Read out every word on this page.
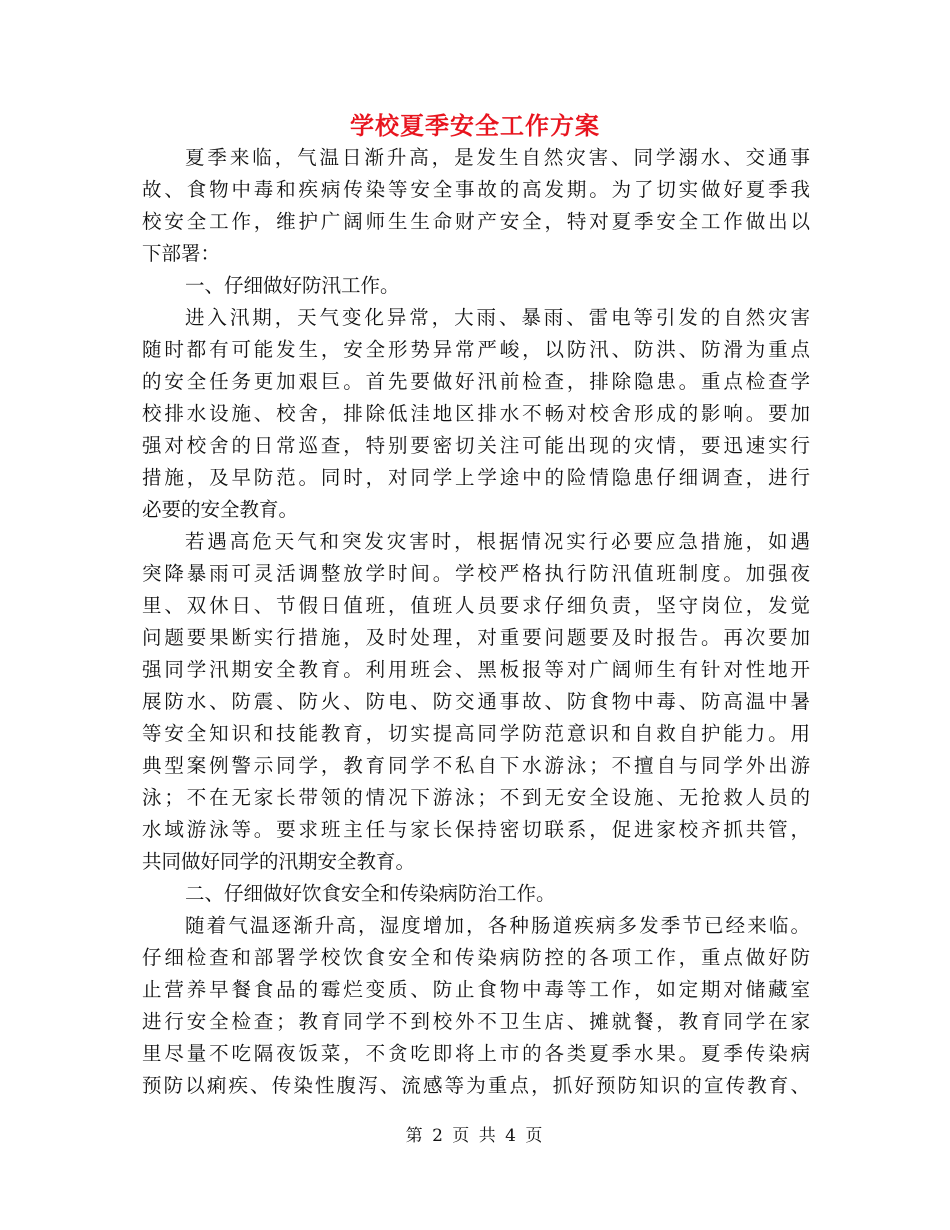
学校夏季安全工作方案
夏季来临，气温日渐升高，是发生自然灾害、同学溺水、交通事
故、食物中毒和疾病传染等安全事故的高发期。为了切实做好夏季我
校安全工作，维护广阔师生生命财产安全，特对夏季安全工作做出以
下部署：
一、仔细做好防汛工作。
进入汛期，天气变化异常，大雨、暴雨、雷电等引发的自然灾害
随时都有可能发生，安全形势异常严峻，以防汛、防洪、防滑为重点
的安全任务更加艰巨。首先要做好汛前检查，排除隐患。重点检查学
校排水设施、校舍，排除低洼地区排水不畅对校舍形成的影响。要加
强对校舍的日常巡查，特别要密切关注可能出现的灾情，要迅速实行
措施，及早防范。同时，对同学上学途中的险情隐患仔细调查，进行
必要的安全教育。
若遇高危天气和突发灾害时，根据情况实行必要应急措施，如遇
突降暴雨可灵活调整放学时间。学校严格执行防汛值班制度。加强夜
里、双休日、节假日值班，值班人员要求仔细负责，坚守岗位，发觉
问题要果断实行措施，及时处理，对重要问题要及时报告。再次要加
强同学汛期安全教育。利用班会、黑板报等对广阔师生有针对性地开
展防水、防震、防火、防电、防交通事故、防食物中毒、防高温中暑
等安全知识和技能教育，切实提高同学防范意识和自救自护能力。用
典型案例警示同学，教育同学不私自下水游泳；不擅自与同学外出游
泳；不在无家长带领的情况下游泳；不到无安全设施、无抢救人员的
水域游泳等。要求班主任与家长保持密切联系，促进家校齐抓共管，
共同做好同学的汛期安全教育。
二、仔细做好饮食安全和传染病防治工作。
随着气温逐渐升高，湿度增加，各种肠道疾病多发季节已经来临。
仔细检查和部署学校饮食安全和传染病防控的各项工作，重点做好防
止营养早餐食品的霉烂变质、防止食物中毒等工作，如定期对储藏室
进行安全检查；教育同学不到校外不卫生店、摊就餐，教育同学在家
里尽量不吃隔夜饭菜，不贪吃即将上市的各类夏季水果。夏季传染病
预防以痢疾、传染性腹泻、流感等为重点，抓好预防知识的宣传教育、
第 2 页 共 4 页
